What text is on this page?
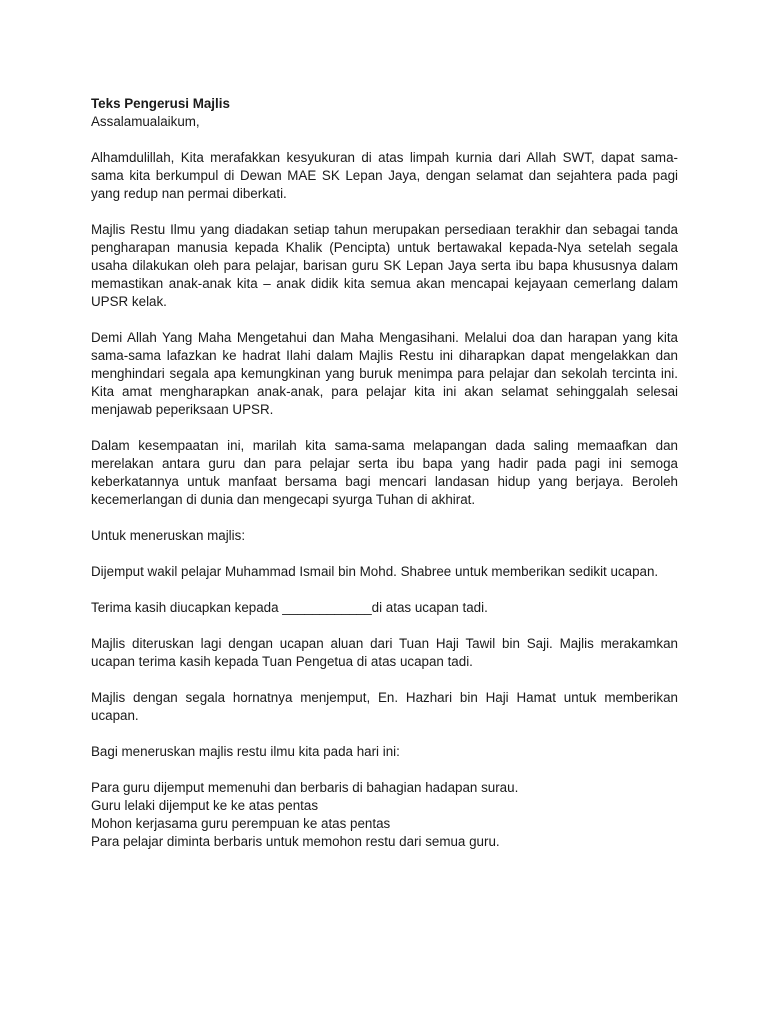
Teks Pengerusi Majlis

Assalamualaikum,

Alhamdulillah, Kita merafakkan kesyukuran di atas limpah kurnia dari Allah SWT, dapat sama-

sama kita berkumpul di Dewan MAE SK Lepan Jaya, dengan selamat dan sejahtera pada pagi

yang redup nan permai diberkati.

Majlis Restu Ilmu yang diadakan setiap tahun merupakan persediaan terakhir dan sebagai tanda

pengharapan manusia kepada Khalik (Pencipta) untuk bertawakal kepada-Nya setelah segala

usaha dilakukan oleh para pelajar, barisan guru SK Lepan Jaya serta ibu bapa khususnya dalam

memastikan anak-anak kita – anak didik kita semua akan mencapai kejayaan cemerlang dalam

UPSR kelak.

Demi Allah Yang Maha Mengetahui dan Maha Mengasihani. Melalui doa dan harapan yang kita

sama-sama lafazkan ke hadrat Ilahi dalam Majlis Restu ini diharapkan dapat mengelakkan dan

menghindari segala apa kemungkinan yang buruk menimpa para pelajar dan sekolah tercinta ini.

Kita amat mengharapkan anak-anak, para pelajar kita ini akan selamat sehinggalah selesai

menjawab peperiksaan UPSR.

Dalam kesempaatan ini, marilah kita sama-sama melapangan dada saling memaafkan dan

merelakan antara guru dan para pelajar serta ibu bapa yang hadir pada pagi ini semoga

keberkatannya untuk manfaat bersama bagi mencari landasan hidup yang berjaya. Beroleh

kecemerlangan di dunia dan mengecapi syurga Tuhan di akhirat.

Untuk meneruskan majlis:

Dijemput wakil pelajar Muhammad Ismail bin Mohd. Shabree untuk memberikan sedikit ucapan.

Terima kasih diucapkan kepada ____________di atas ucapan tadi.

Majlis diteruskan lagi dengan ucapan aluan dari Tuan Haji Tawil bin Saji. Majlis merakamkan

ucapan terima kasih kepada Tuan Pengetua di atas ucapan tadi.

Majlis dengan segala hornatnya menjemput, En. Hazhari bin Haji Hamat untuk memberikan

ucapan.

Bagi meneruskan majlis restu ilmu kita pada hari ini:

Para guru dijemput memenuhi dan berbaris di bahagian hadapan surau.

Guru lelaki dijemput ke ke atas pentas

Mohon kerjasama guru perempuan ke atas pentas

Para pelajar diminta berbaris untuk memohon restu dari semua guru.
